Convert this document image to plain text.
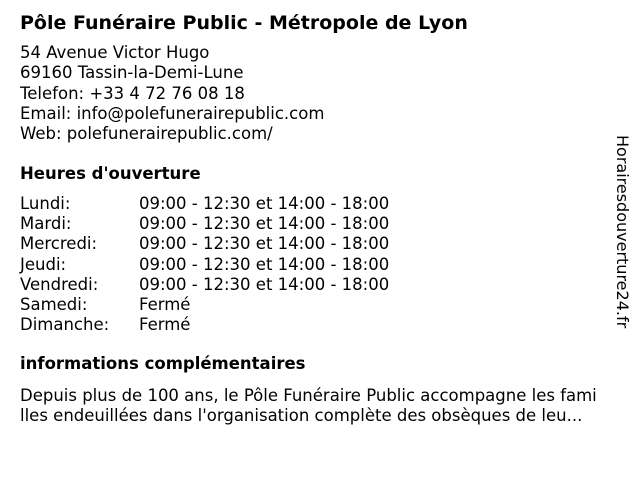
Pôle Funéraire Public - Métropole de Lyon
54 Avenue Victor Hugo
69160 Tassin-la-Demi-Lune
Telefon: +33 4 72 76 08 18
Email: info@polefunerairepublic.com
Web: polefunerairepublic.com/
Heures d'ouverture
Lundi:	09:00 - 12:30 et 14:00 - 18:00
Mardi:	09:00 - 12:30 et 14:00 - 18:00
Mercredi:	09:00 - 12:30 et 14:00 - 18:00
Jeudi:	09:00 - 12:30 et 14:00 - 18:00
Vendredi:	09:00 - 12:30 et 14:00 - 18:00
Samedi:	Fermé
Dimanche:	Fermé
informations complémentaires

Depuis plus de 100 ans, le Pôle Funéraire Public accompagne les fami

lles endeuillées dans l'organisation complète des obsèques de leu...

Horairesdouverture24.fr
